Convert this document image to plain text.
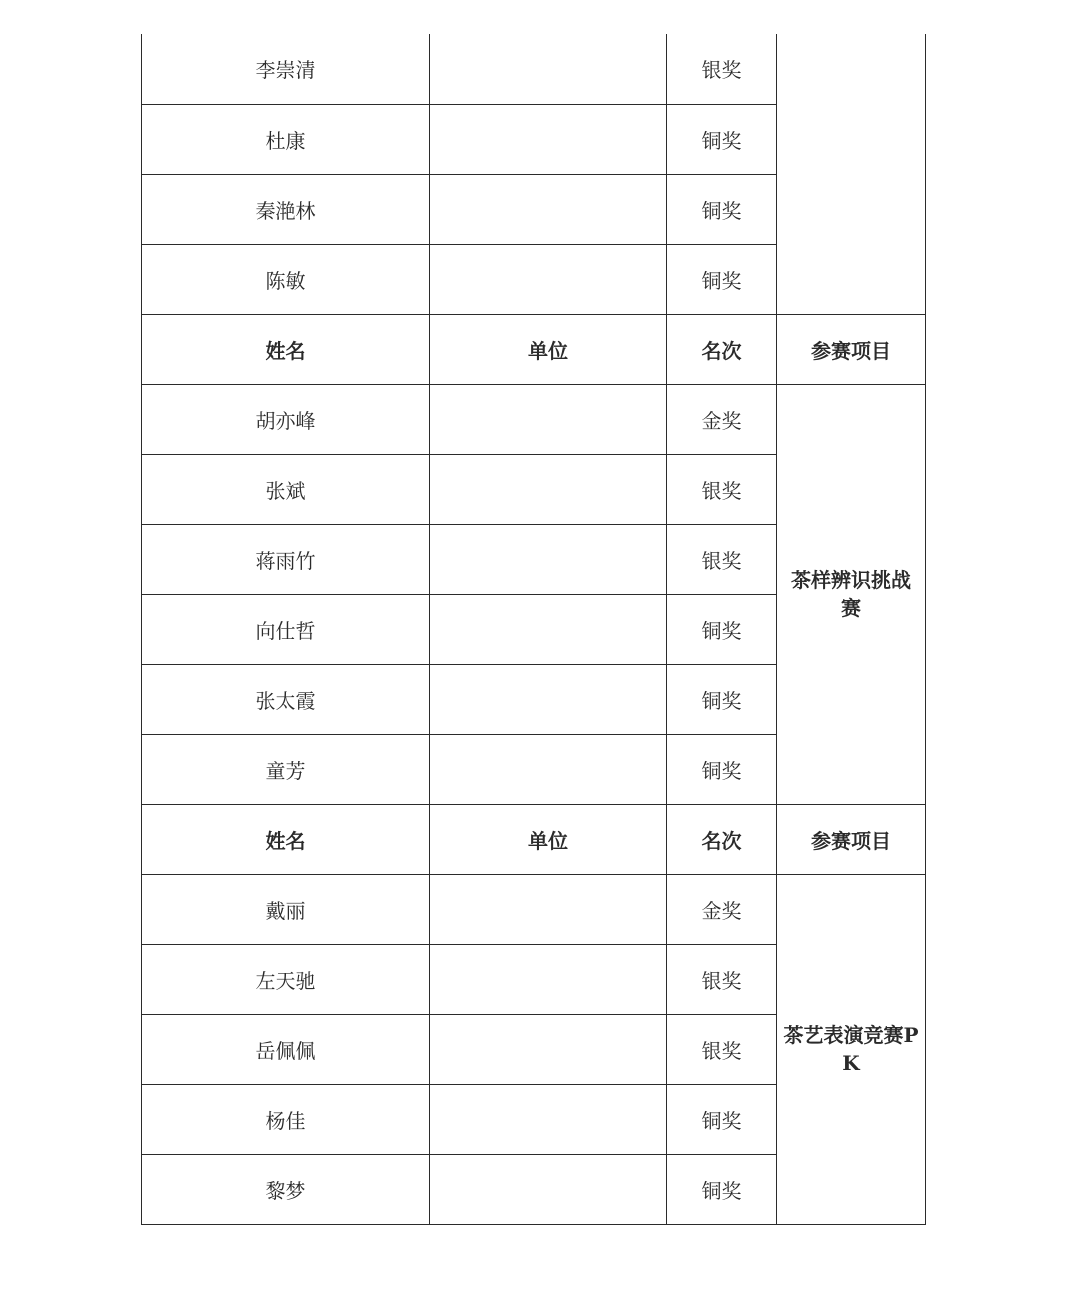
李崇清		银奖	
杜康		铜奖	
秦滟林		铜奖	
陈敏		铜奖	
姓名	单位	名次	参赛项目
胡亦峰		金奖	茶样辨识挑战赛
张斌		银奖	
蒋雨竹		银奖	
向仕哲		铜奖	
张太霞		铜奖	
童芳		铜奖	
姓名	单位	名次	参赛项目
戴丽		金奖	茶艺表演竞赛PK
左天驰		银奖	
岳佩佩		银奖	
杨佳		铜奖	
黎梦		铜奖	
